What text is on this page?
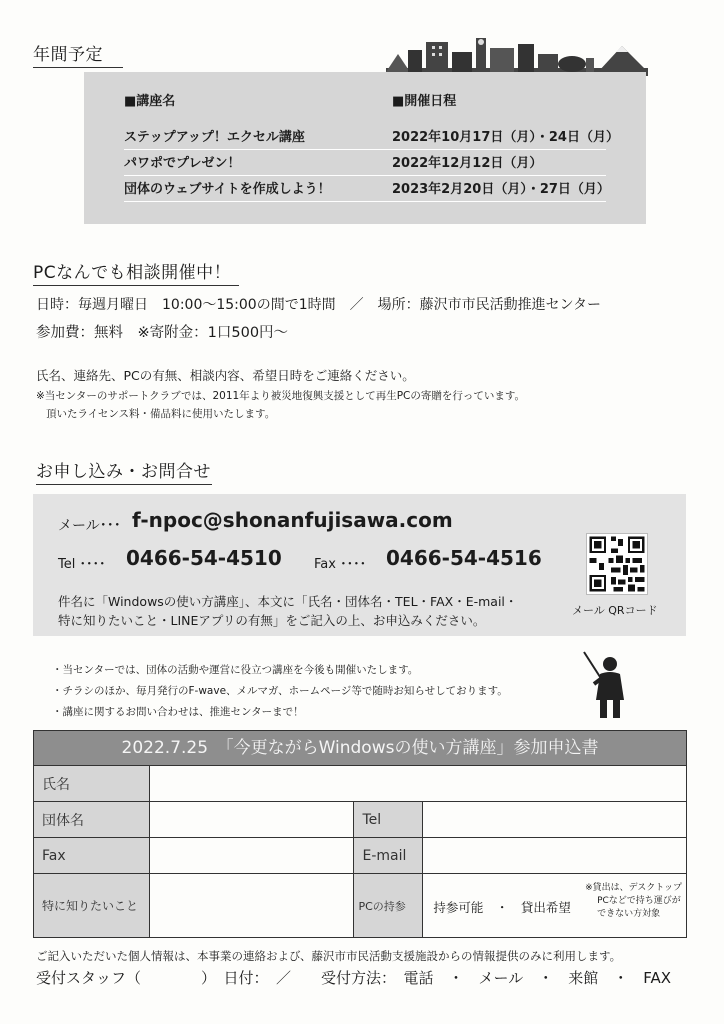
年間予定
■講座名	■開催日程
ステップアップ！エクセル講座	2022年10月17日（月）・24日（月）
パワポでプレゼン！	2022年12月12日（月）
団体のウェブサイトを作成しよう！	2023年2月20日（月）・27日（月）
PCなんでも相談開催中！
日時：毎週月曜日　10:00～15:00の間で1時間　／　場所：藤沢市市民活動推進センター
参加費：無料　※寄附金：1口500円～
氏名、連絡先、PCの有無、相談内容、希望日時をご連絡ください。
※当センターのサポートクラブでは、2011年より被災地復興支援として再生PCの寄贈を行っています。
頂いたライセンス料・備品料に使用いたします。
お申し込み・お問合せ
メール･･･ f-npoc@shonanfujisawa.com
Tel ････ 0466-54-4510 Fax ････ 0466-54-4516
件名に「Windowsの使い方講座」、本文に「氏名・団体名・TEL・FAX・E-mail・
特に知りたいこと・LINEアプリの有無」をご記入の上、お申込みください。
メール QRコード
・当センターでは、団体の活動や運営に役立つ講座を今後も開催いたします。
・チラシのほか、毎月発行のF-wave、メルマガ、ホームページ等で随時お知らせしております。
・講座に関するお問い合わせは、推進センターまで！
2022.7.25　「今更ながらWindowsの使い方講座」参加申込書
氏名			
団体名		Tel	
Fax		E-mail	
特に知りたいこと		PCの持参	持参可能　・　貸出希望
※貸出は、デスクトップ
PCなどで持ち運びが
できない方対象
ご記入いただいた個人情報は、本事業の連絡および、藤沢市市民活動支援施設からの情報提供のみに利用します。
受付スタッフ（　　　　）　日付：　／　　受付方法：　電話　・　メール　・　来館　・　FAX
